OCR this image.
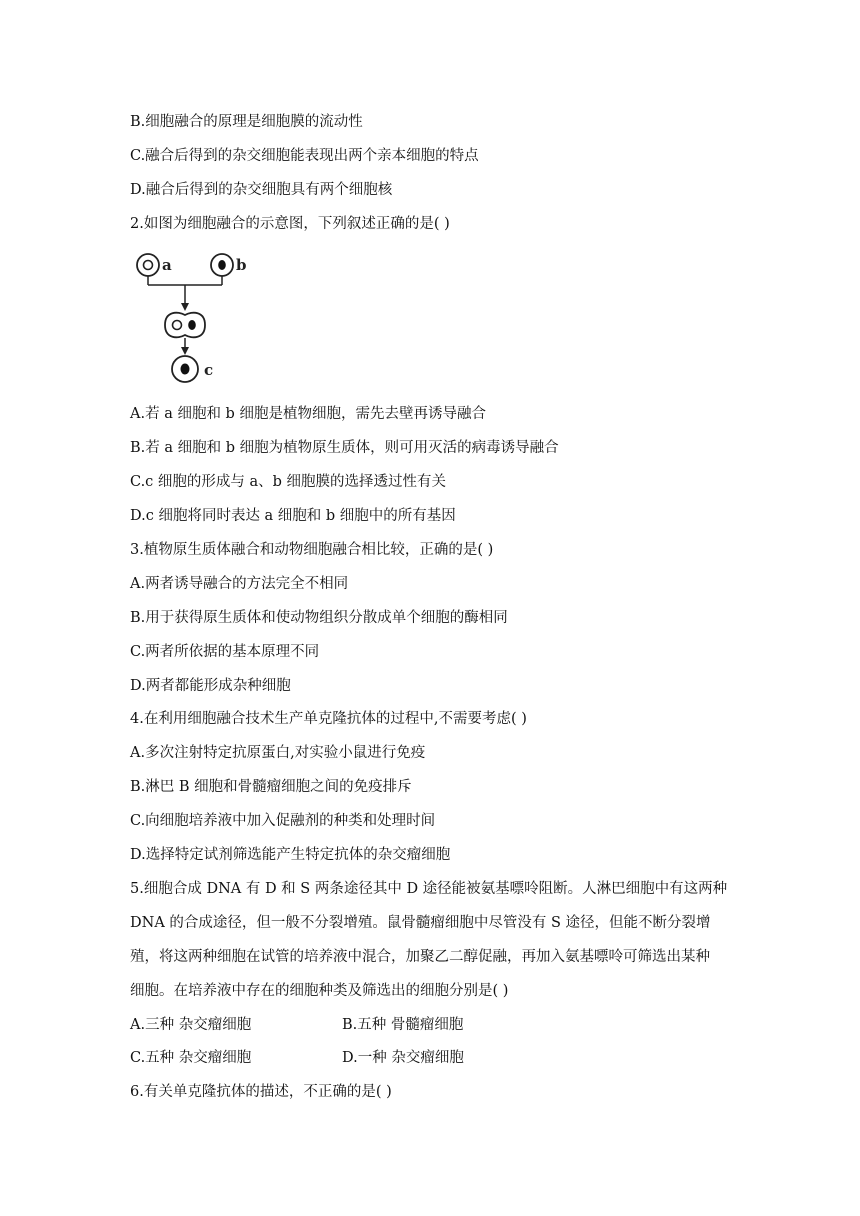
B.细胞融合的原理是细胞膜的流动性
C.融合后得到的杂交细胞能表现出两个亲本细胞的特点
D.融合后得到的杂交细胞具有两个细胞核
2.如图为细胞融合的示意图，下列叙述正确的是( )
a	b
c
A.若 a 细胞和 b 细胞是植物细胞，需先去壁再诱导融合
B.若 a 细胞和 b 细胞为植物原生质体，则可用灭活的病毒诱导融合
C.c 细胞的形成与 a、b 细胞膜的选择透过性有关
D.c 细胞将同时表达 a 细胞和 b 细胞中的所有基因
3.植物原生质体融合和动物细胞融合相比较，正确的是( )
A.两者诱导融合的方法完全不相同
B.用于获得原生质体和使动物组织分散成单个细胞的酶相同
C.两者所依据的基本原理不同
D.两者都能形成杂种细胞
4.在利用细胞融合技术生产单克隆抗体的过程中,不需要考虑( )
A.多次注射特定抗原蛋白,对实验小鼠进行免疫
B.淋巴 B 细胞和骨髓瘤细胞之间的免疫排斥
C.向细胞培养液中加入促融剂的种类和处理时间
D.选择特定试剂筛选能产生特定抗体的杂交瘤细胞
5.细胞合成 DNA 有 D 和 S 两条途径其中 D 途径能被氨基嘌呤阻断。人淋巴细胞中有这两种
DNA 的合成途径，但一般不分裂增殖。鼠骨髓瘤细胞中尽管没有 S 途径，但能不断分裂增
殖，将这两种细胞在试管的培养液中混合，加聚乙二醇促融，再加入氨基嘌呤可筛选出某种
细胞。在培养液中存在的细胞种类及筛选出的细胞分别是( )
A.三种 杂交瘤细胞	B.五种 骨髓瘤细胞
C.五种 杂交瘤细胞	D.一种 杂交瘤细胞
6.有关单克隆抗体的描述，不正确的是( )
